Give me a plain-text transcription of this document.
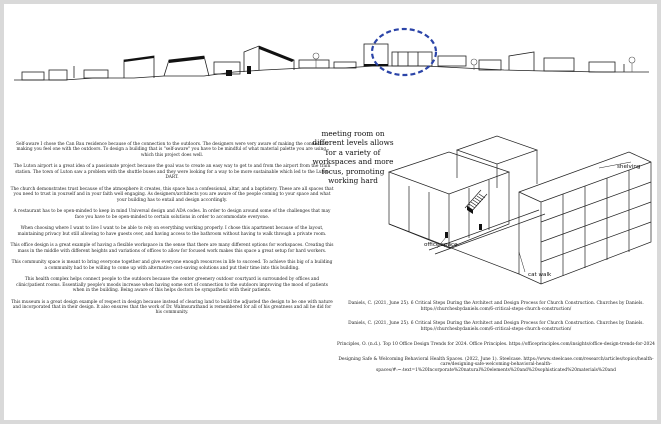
Self-aware I chose the Can Bau residence because of the connection to the outdoors. The designers were very aware of making the connection making you feel one with the outdoors. To design a building that is "self-aware" you have to be mindful of what material palette you are using, which this project does well.

The Luton airport is a great idea of a passionate project because the goal was to create an easy way to get to and from the airport from the train station. The town of Luton saw a problem with the shuttle buses and they were looking for a way to be more sustainable which led to the Luton DART.

The church demonstrates trust because of the atmosphere it creates, this space has a confessional, altar, and a baptistery. These are all spaces that you need to trust in yourself and in your faith well engaging. As designers/architects you are aware of the people coming to your space and what your building has to entail and design accordingly.

A restaurant has to be open-minded to keep in mind Universal design and ADA codes. In order to design around some of the challenges that may face you have to be open-minded to certain solutions in order to accommodate everyone.

When choosing where I want to live I want to be able to rely on everything working properly. I chose this apartment because of the layout, maintaining privacy but still allowing to have guests over, and having access to the bathroom without having to walk through a private room.

This office design is a great example of having a flexible workspace in the sense that there are many different options for workspaces. Creating this mass in the middle with different heights and variations of offices to allow for focused work makes this space a great setup for hard workers.

This community space is meant to bring everyone together and give everyone enough resources in life to succeed. To achieve this big of a building a community had to be willing to come up with alternative cost-saving solutions and put their time into this building.

This health complex helps connect people to the outdoors because the center greenery outdoor courtyard is surrounded by offices and clinic/patient rooms. Essentially people's moods increase when having some sort of connection to the outdoors improving the mood of patients when in the building. Being aware of this helps doctors be sympathetic with their patients.

This museum is a great design example of respect in design because instead of clearing land to build the adjusted the design to be one with nature and incorporated that in their design. It also ensures that the work of Dr. Walmsurathand is remembered for all of his greatness and all he did for his community.

meeting room on different levels allows for a variety of workspaces and more focus, promoting working hard
shelving
office space
cat walk

Daniels, C. (2021, June 25). 6 Critical Steps During the Architect and Design Process for Church Construction. Churches by Daniels. https://churchesbydaniels.com/6-critical-steps-church-construction/

Daniels, C. (2021, June 25). 6 Critical Steps During the Architect and Design Process for Church Construction. Churches by Daniels. https://churchesbydaniels.com/6-critical-steps-church-construction/

Principles, O. (n.d.). Top 10 Office Design Trends for 2024. Office Principles. https://officeprinciples.com/insights/office-design-trends-for-2024

Designing Safe & Welcoming Behavioral Health Spaces. (2022, June 1). Steelcase. https://www.steelcase.com/research/articles/topics/health-care/designing-safe-welcoming-behavioral-health-spaces/#:~:text=1%20Incorporate%20natural%20elements%20and%20sophisticated%20materials%20and
